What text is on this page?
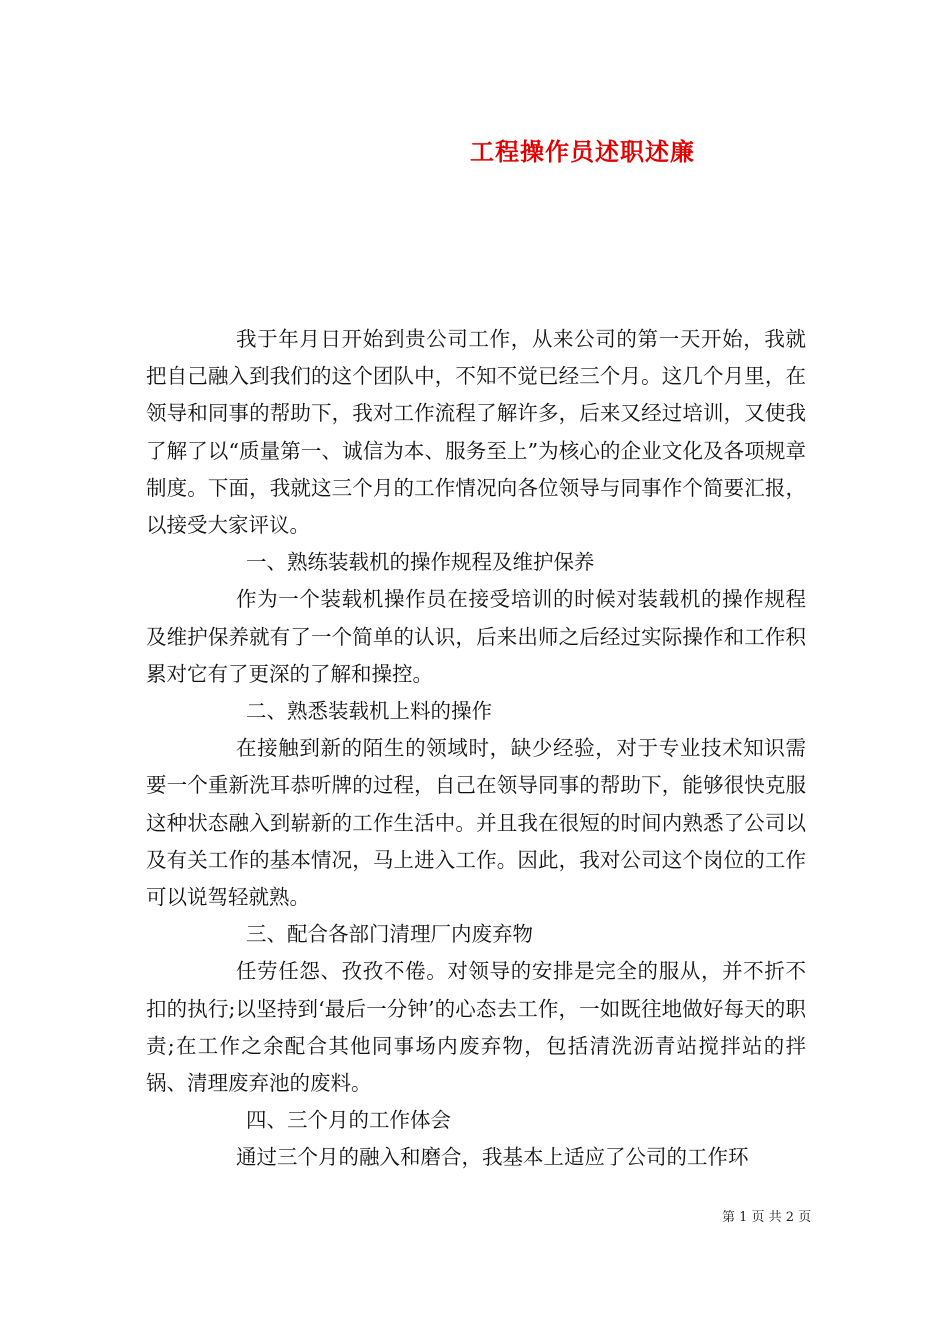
工程操作员述职述廉

我于年月日开始到贵公司工作，从来公司的第一天开始，我就把自己融入到我们的这个团队中，不知不觉已经三个月。这几个月里，在领导和同事的帮助下，我对工作流程了解许多，后来又经过培训，又使我了解了以“质量第一、诚信为本、服务至上”为核心的企业文化及各项规章制度。下面，我就这三个月的工作情况向各位领导与同事作个简要汇报，以接受大家评议。

一、熟练装载机的操作规程及维护保养

作为一个装载机操作员在接受培训的时候对装载机的操作规程及维护保养就有了一个简单的认识，后来出师之后经过实际操作和工作积累对它有了更深的了解和操控。

二、熟悉装载机上料的操作

在接触到新的陌生的领域时，缺少经验，对于专业技术知识需要一个重新洗耳恭听牌的过程，自己在领导同事的帮助下，能够很快克服这种状态融入到崭新的工作生活中。并且我在很短的时间内熟悉了公司以及有关工作的基本情况，马上进入工作。因此，我对公司这个岗位的工作可以说驾轻就熟。

三、配合各部门清理厂内废弃物

任劳任怨、孜孜不倦。对领导的安排是完全的服从，并不折不扣的执行;以坚持到‘最后一分钟’的心态去工作，一如既往地做好每天的职责;在工作之余配合其他同事场内废弃物，包括清洗沥青站搅拌站的拌锅、清理废弃池的废料。

四、三个月的工作体会

通过三个月的融入和磨合，我基本上适应了公司的工作环

第 1 页 共 2 页
